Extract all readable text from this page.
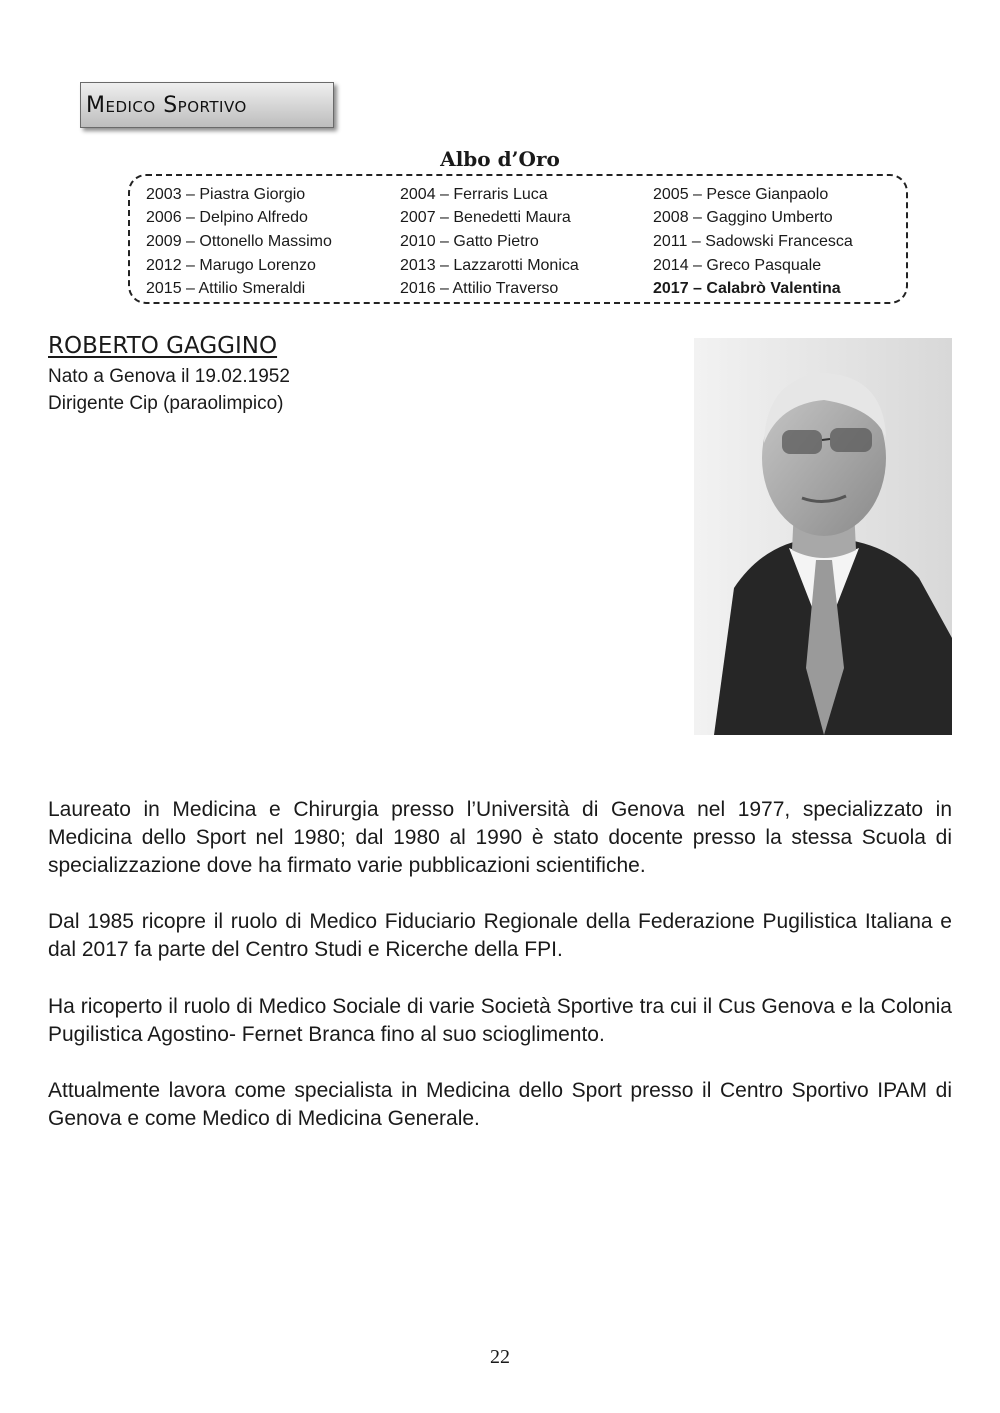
Medico Sportivo
Albo d’Oro
2003 – Piastra Giorgio	2004 – Ferraris Luca	2005 – Pesce Gianpaolo
2006 – Delpino Alfredo	2007 – Benedetti Maura	2008 – Gaggino Umberto
2009 – Ottonello Massimo	2010 – Gatto Pietro	2011 – Sadowski Francesca
2012 – Marugo Lorenzo	2013 – Lazzarotti Monica	2014 – Greco Pasquale
2015 – Attilio Smeraldi	2016 – Attilio Traverso	2017 – Calabrò Valentina
ROBERTO GAGGINO
Nato a Genova il 19.02.1952
Dirigente Cip (paraolimpico)

Laureato in Medicina e Chirurgia presso l’Università di Genova nel 1977, specializzato in Medicina dello Sport nel 1980; dal 1980 al 1990 è stato docente presso la stessa Scuola di specializzazione dove ha firmato varie pubblicazioni scientifiche.

Dal 1985 ricopre il ruolo di Medico Fiduciario Regionale della Federazione Pugilistica Italiana e dal 2017 fa parte del Centro Studi e Ricerche della FPI.

Ha ricoperto il ruolo di Medico Sociale di varie Società Sportive tra cui il Cus Genova e la Colonia Pugilistica Agostino- Fernet Branca fino al suo scioglimento.

Attualmente lavora come specialista in Medicina dello Sport presso il Centro Sportivo IPAM di Genova e come Medico di Medicina Generale.

22
